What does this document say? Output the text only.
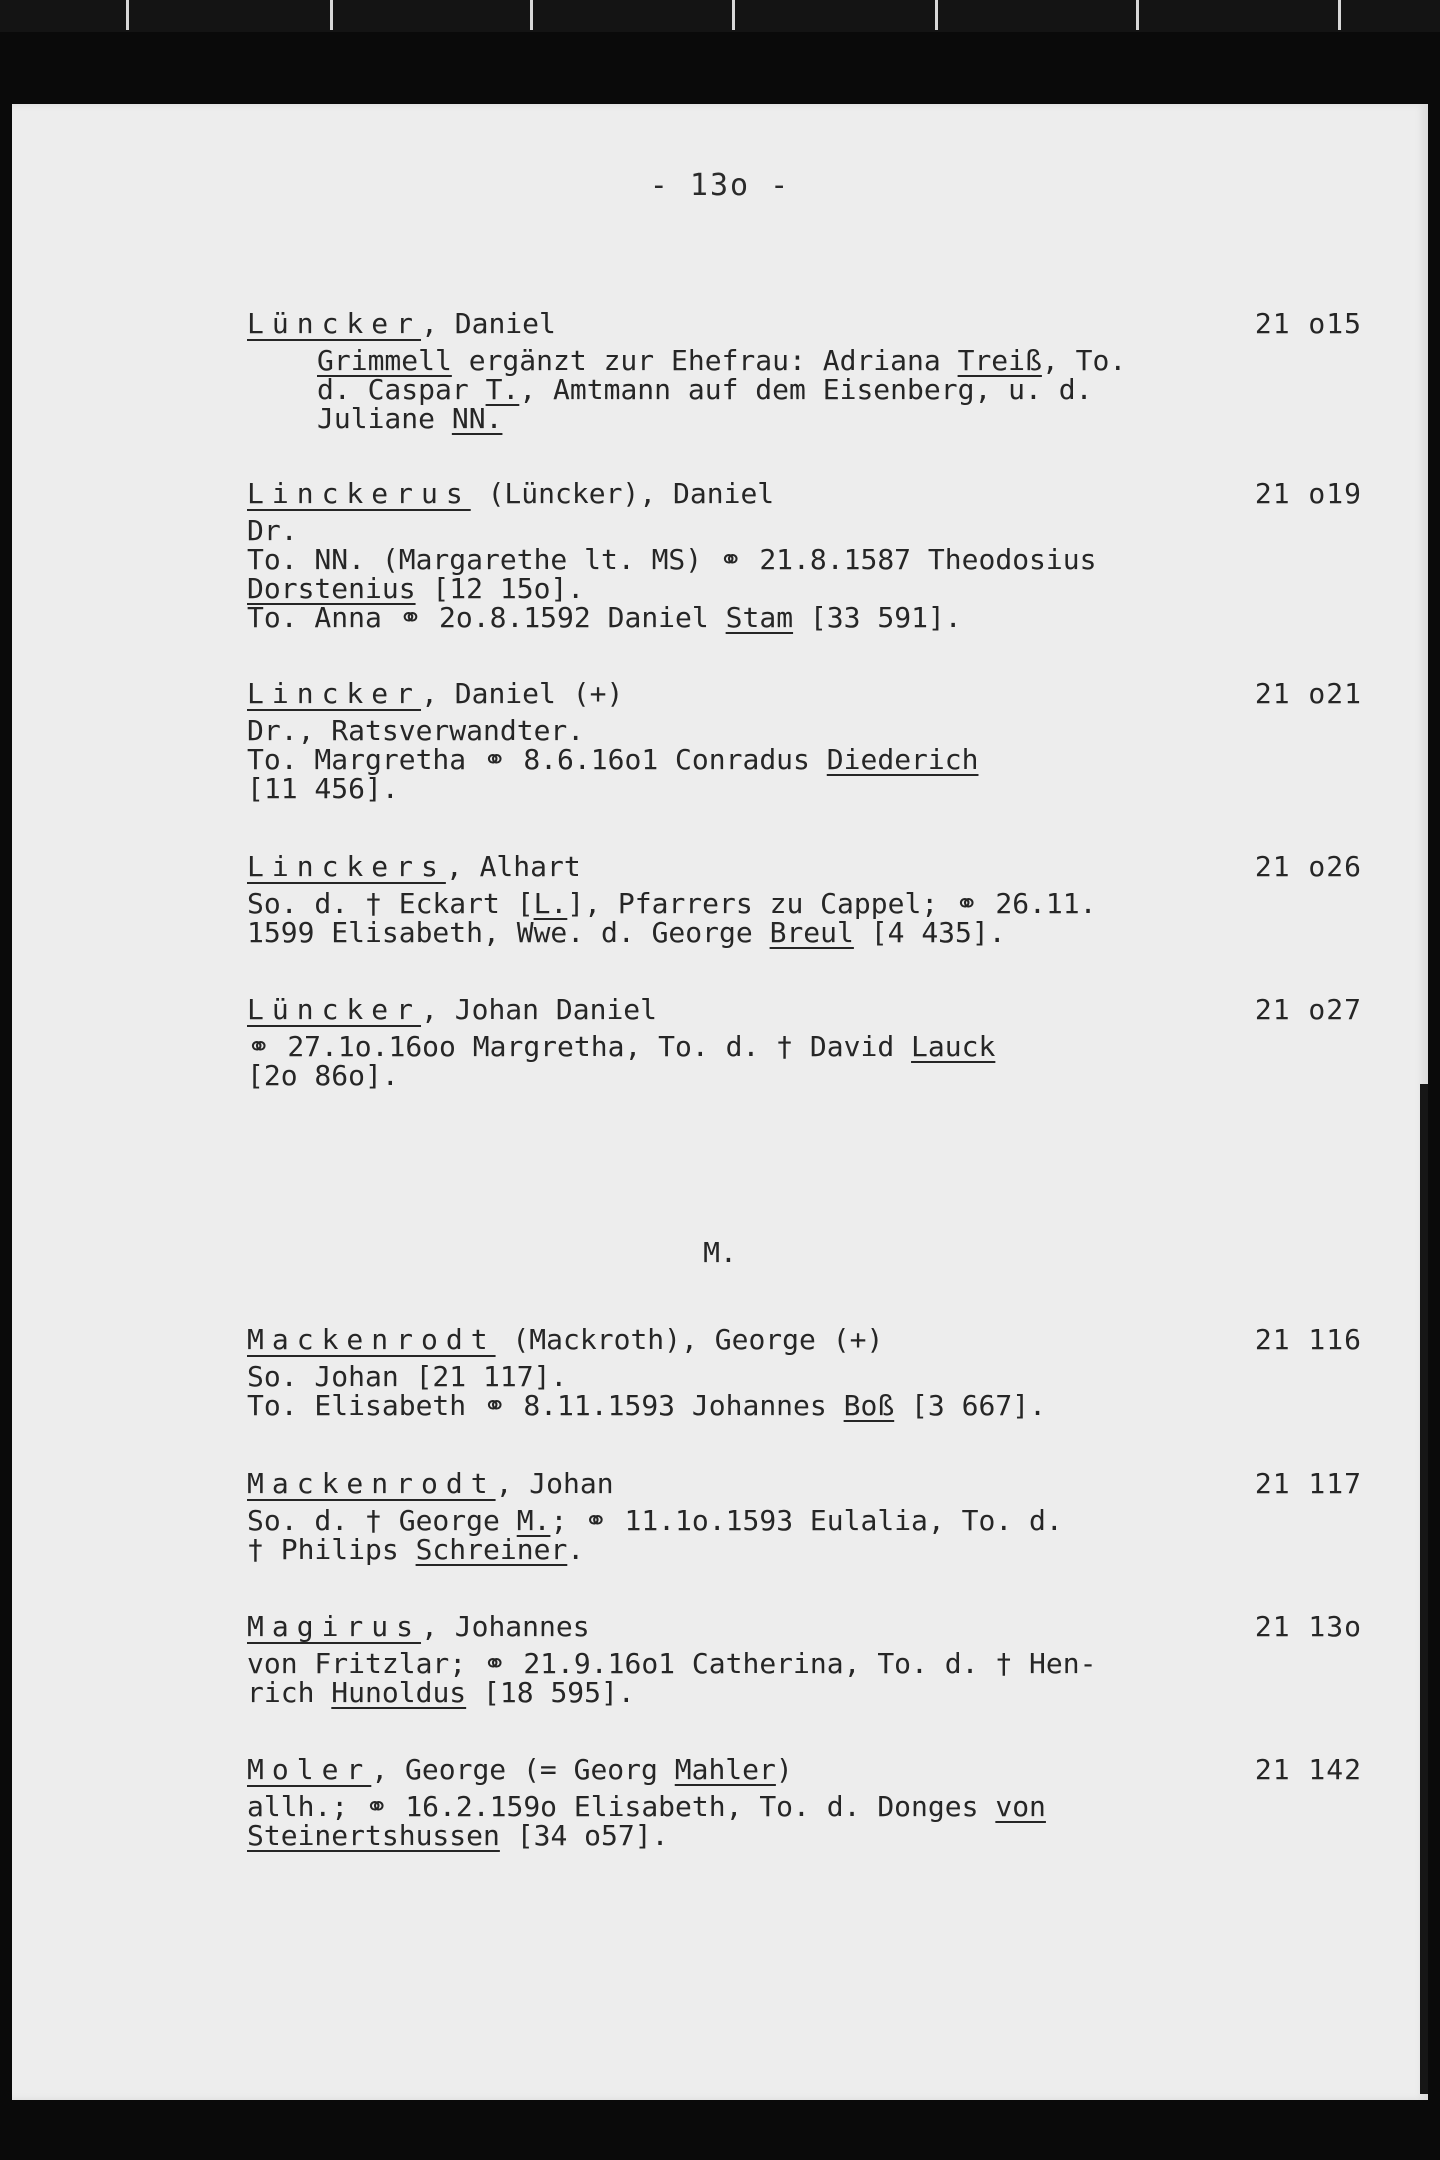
- 13o -
Lüncker, Daniel	21 o15
Grimmell ergänzt zur Ehefrau: Adriana Treiß, To.
d. Caspar T., Amtmann auf dem Eisenberg, u. d.
Juliane NN.
Linckerus (Lüncker), Daniel	21 o19
Dr.
To. NN. (Margarethe lt. MS) ⚭ 21.8.1587 Theodosius
Dorstenius [12 15o].
To. Anna ⚭ 2o.8.1592 Daniel Stam [33 591].
Lincker, Daniel (+)	21 o21
Dr., Ratsverwandter.
To. Margretha ⚭ 8.6.16o1 Conradus Diederich
[11 456].
Linckers, Alhart	21 o26
So. d. † Eckart [L.], Pfarrers zu Cappel; ⚭ 26.11.
1599 Elisabeth, Wwe. d. George Breul [4 435].
Lüncker, Johan Daniel	21 o27
⚭ 27.1o.16oo Margretha, To. d. † David Lauck
[2o 86o].
M.
Mackenrodt (Mackroth), George (+)	21 116
So. Johan [21 117].
To. Elisabeth ⚭ 8.11.1593 Johannes Boß [3 667].
Mackenrodt, Johan	21 117
So. d. † George M.; ⚭ 11.1o.1593 Eulalia, To. d.
† Philips Schreiner.
Magirus, Johannes	21 13o
von Fritzlar; ⚭ 21.9.16o1 Catherina, To. d. † Hen-
rich Hunoldus [18 595].
Moler, George (= Georg Mahler)	21 142
allh.; ⚭ 16.2.159o Elisabeth, To. d. Donges von
Steinertshussen [34 o57].
